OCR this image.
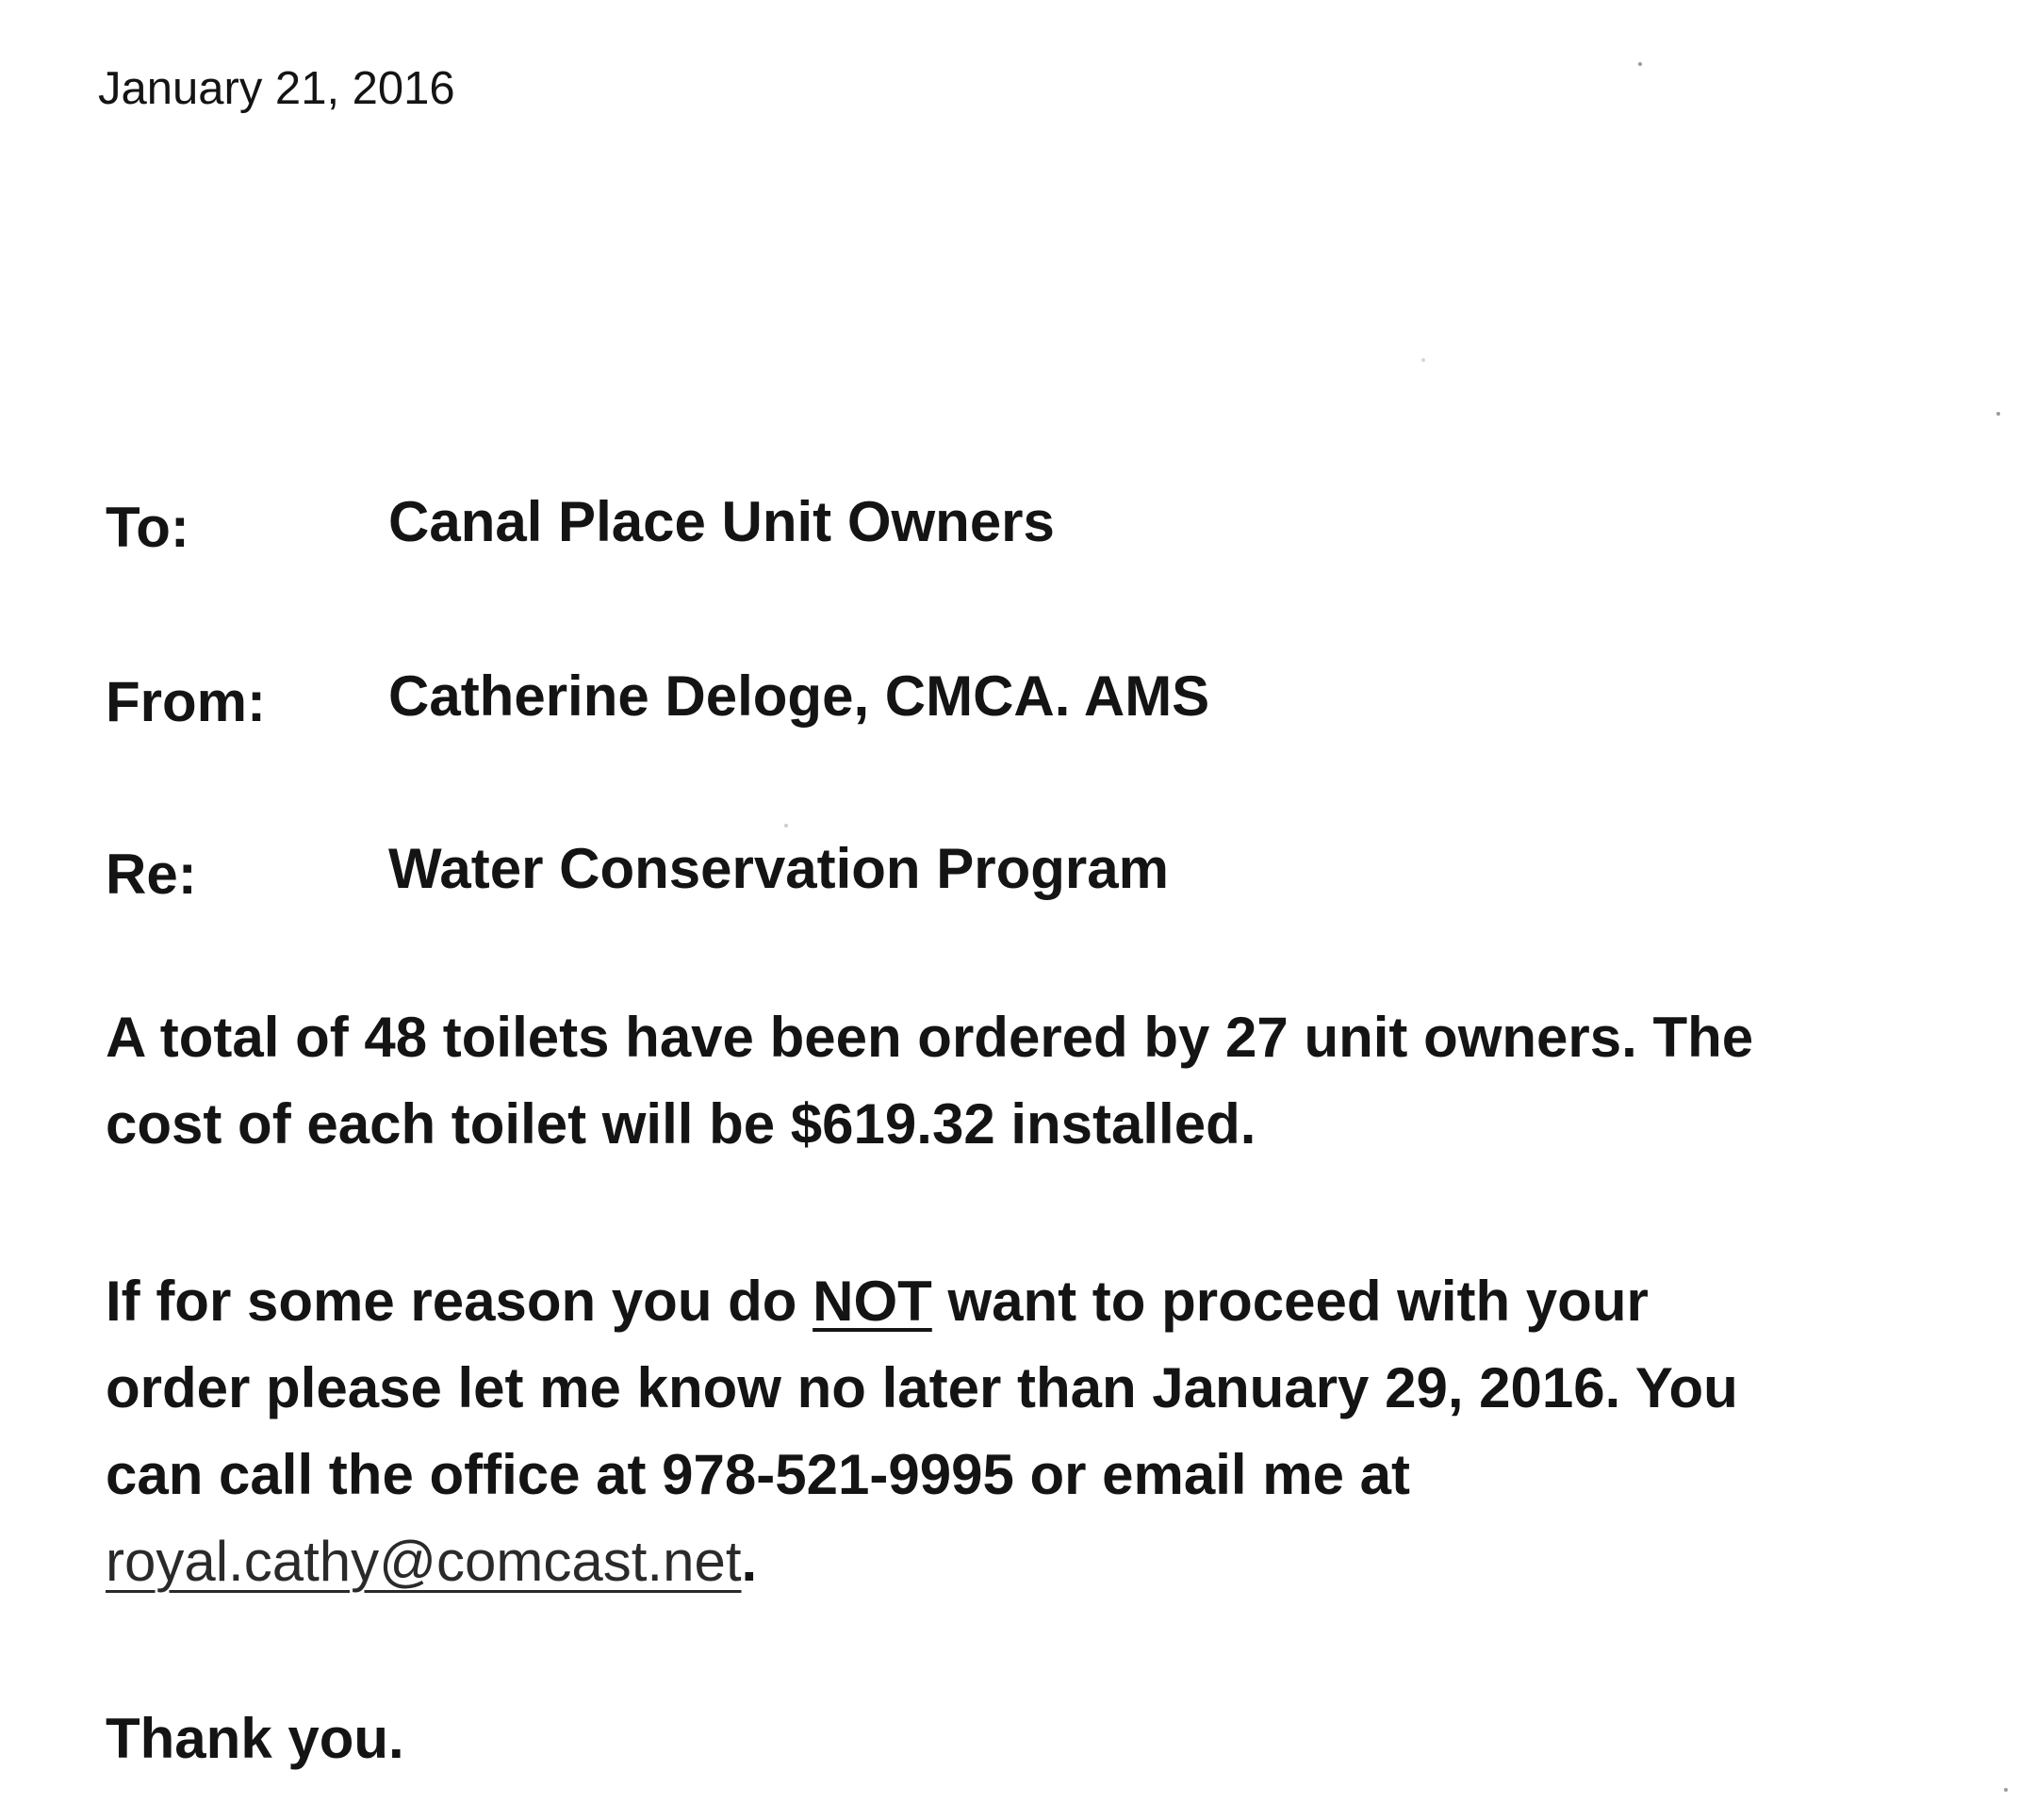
January 21, 2016
To:	Canal Place Unit Owners
From: Catherine Deloge, CMCA. AMS
Re:	Water Conservation Program
A total of 48 toilets have been ordered by 27 unit owners. The
cost of each toilet will be $619.32 installed.
If for some reason you do NOT want to proceed with your
order please let me know no later than January 29, 2016. You
can call the office at 978-521-9995 or email me at
royal.cathy@comcast.net.
Thank you.
